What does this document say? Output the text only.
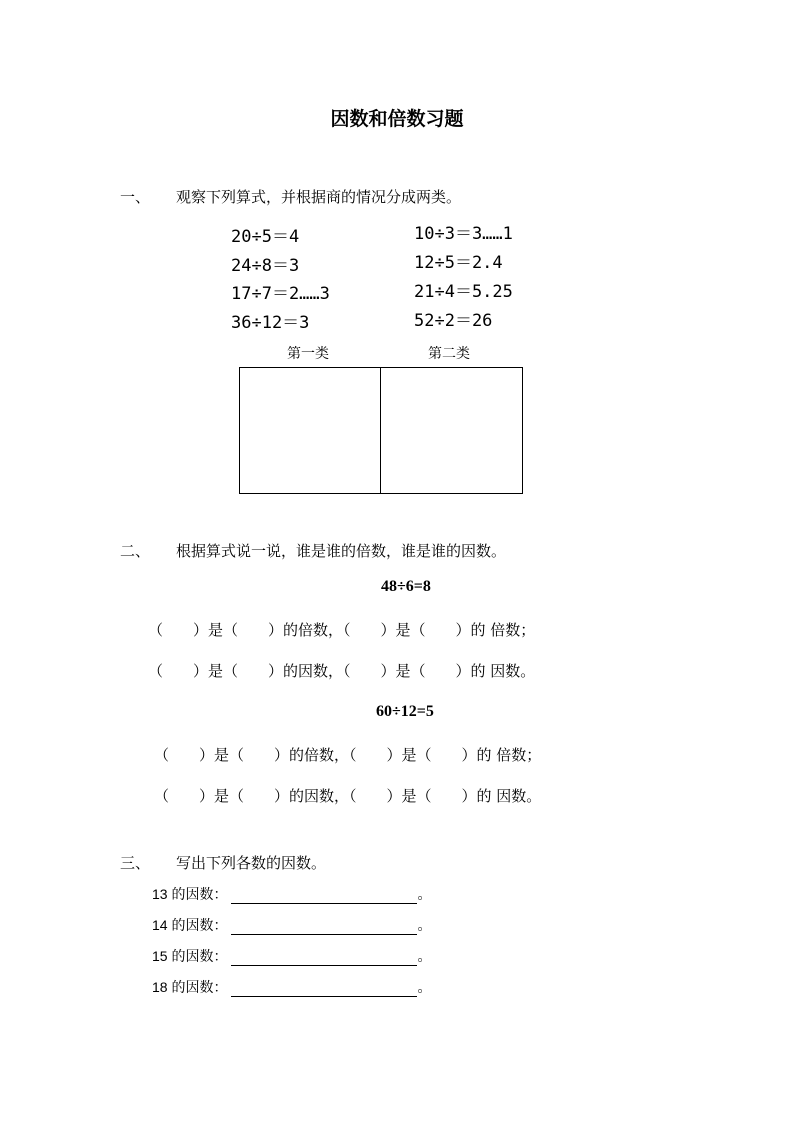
因数和倍数习题
一、 观察下列算式，并根据商的情况分成两类。
20÷5＝4
24÷8＝3
17÷7＝2……3
36÷12＝3
10÷3＝3……1
12÷5＝2.4
21÷4＝5.25
52÷2＝26
第一类	第二类
二、 根据算式说一说，谁是谁的倍数，谁是谁的因数。
48÷6=8
（　　）是（　　）的倍数，（　　）是（　　）的 倍数；
（　　）是（　　）的因数，（　　）是（　　）的 因数。
60÷12=5
（　　）是（　　）的倍数，（　　）是（　　）的 倍数；
（　　）是（　　）的因数，（　　）是（　　）的 因数。
三、 写出下列各数的因数。
13 的因数：	。
14 的因数：	。
15 的因数：	。
18 的因数：	。
